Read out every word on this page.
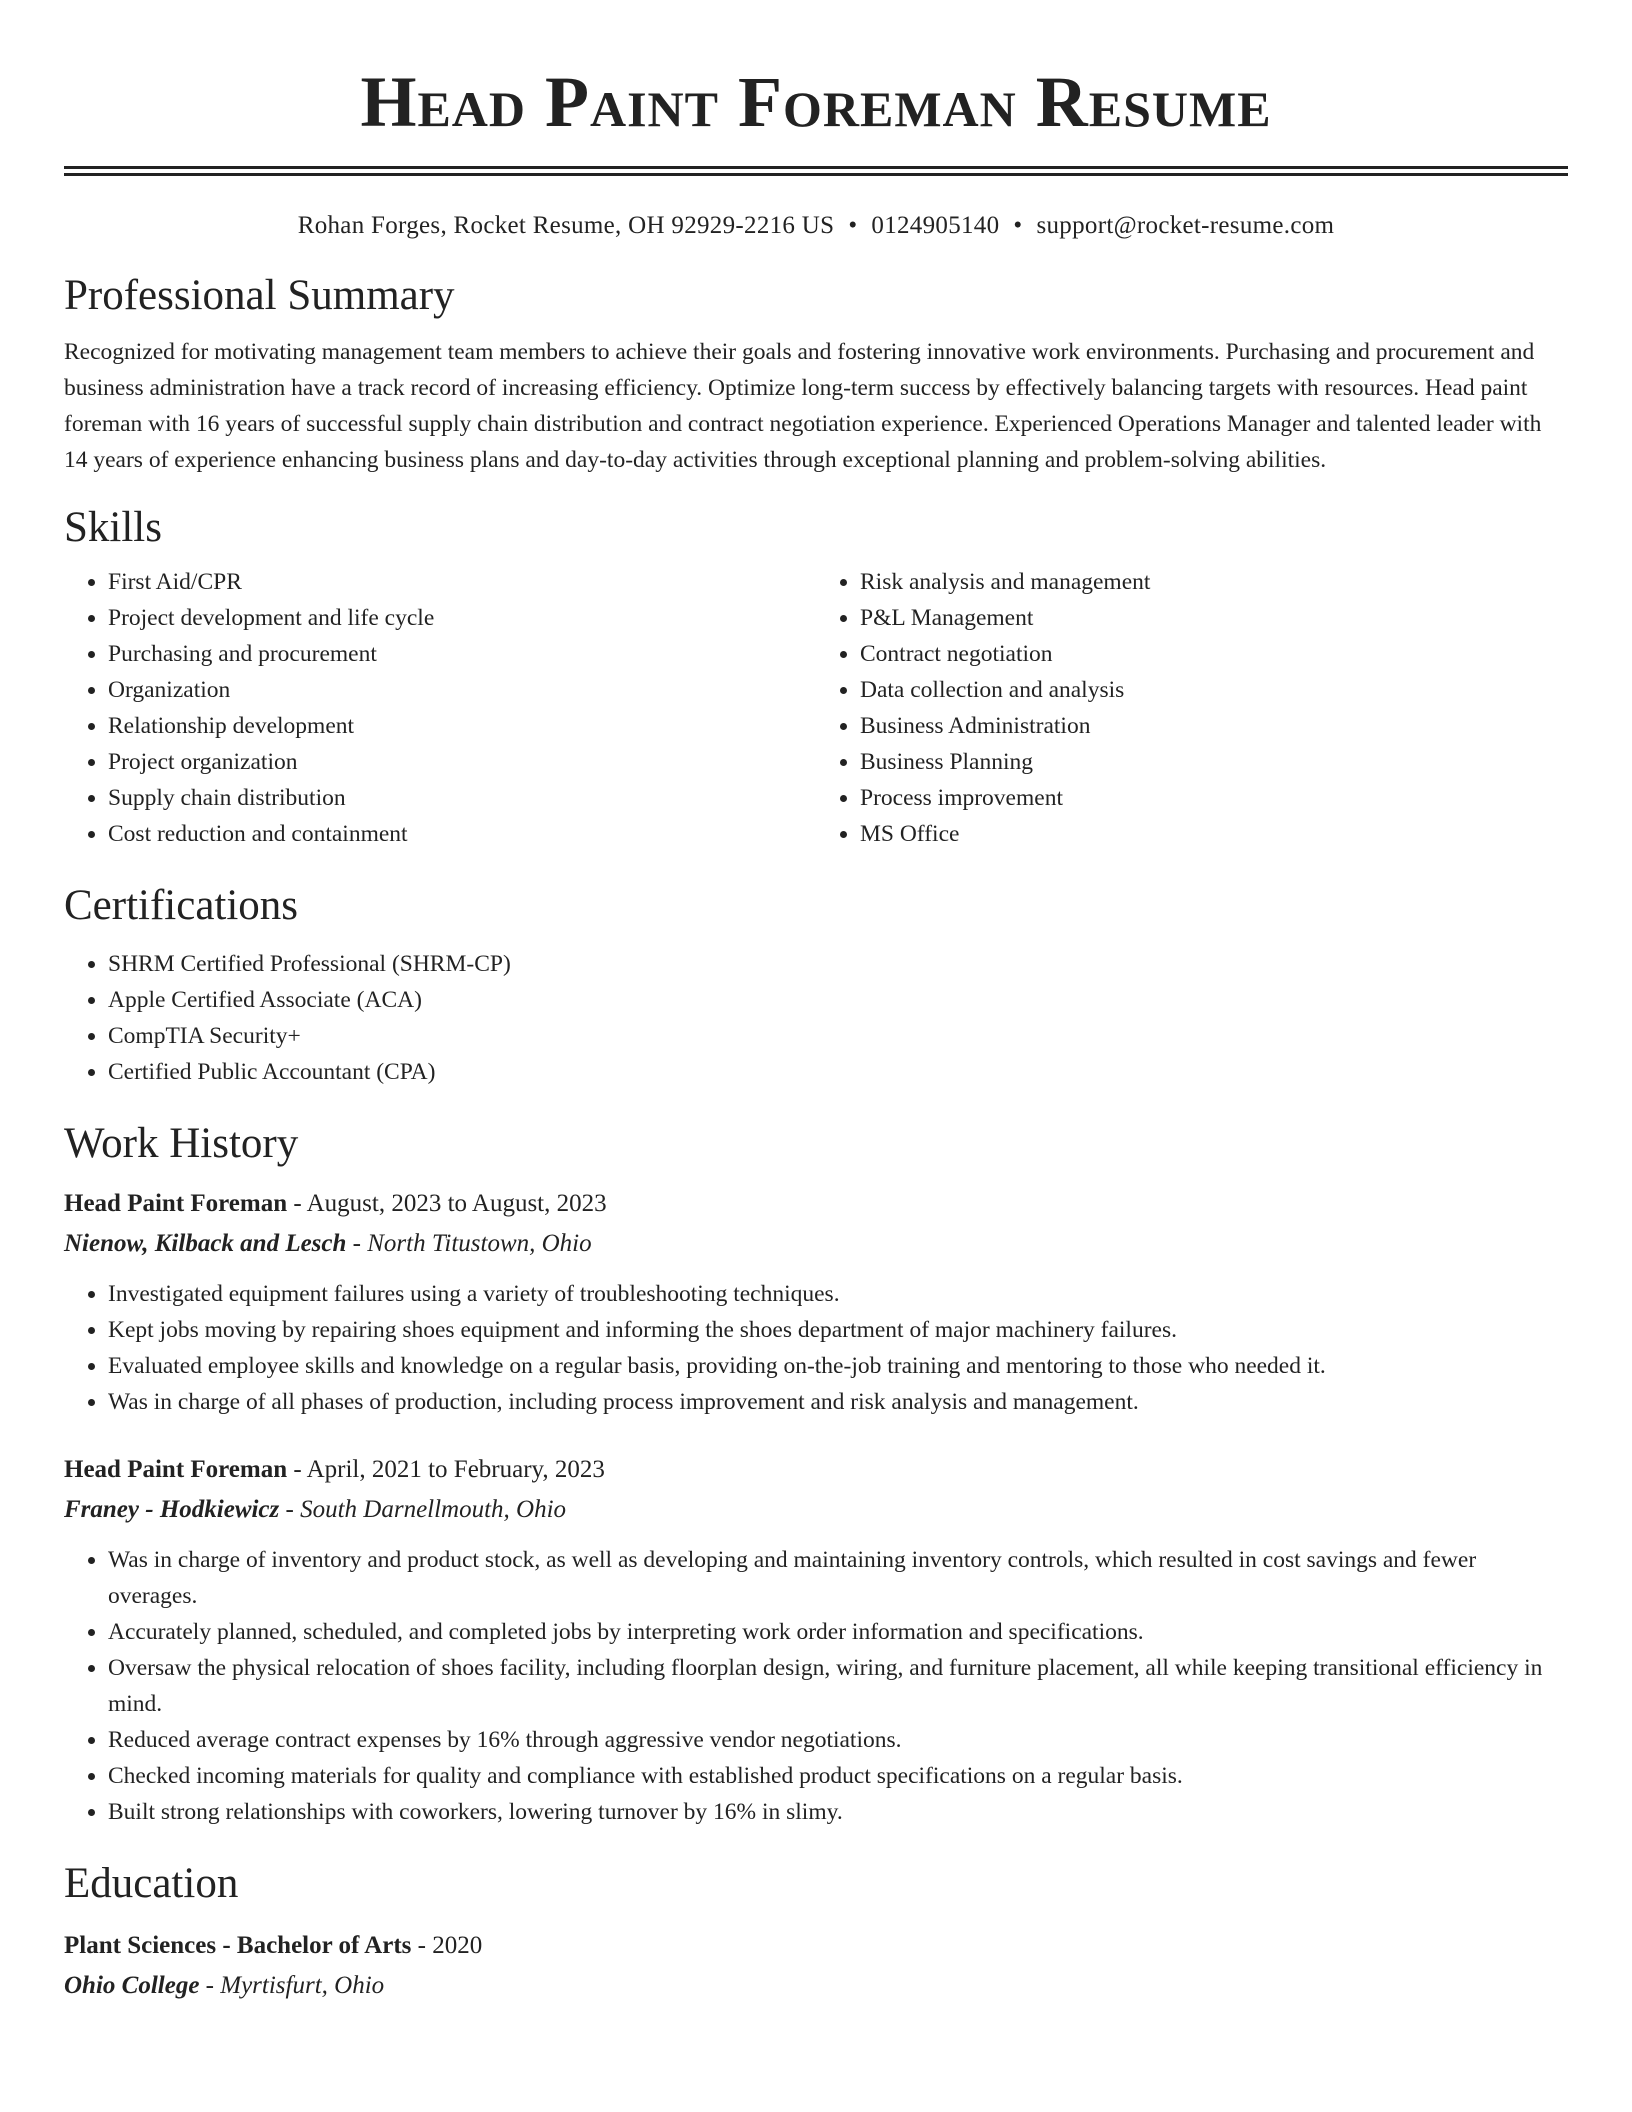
Head Paint Foreman Resume
Rohan Forges, Rocket Resume, OH 92929-2216 US • 0124905140 • support@rocket-resume.com
Professional Summary

Recognized for motivating management team members to achieve their goals and fostering innovative work environments. Purchasing and procurement and business administration have a track record of increasing efficiency. Optimize long-term success by effectively balancing targets with resources. Head paint foreman with 16 years of successful supply chain distribution and contract negotiation experience. Experienced Operations Manager and talented leader with 14 years of experience enhancing business plans and day-to-day activities through exceptional planning and problem-solving abilities.

Skills
• First Aid/CPR
• Project development and life cycle
• Purchasing and procurement
• Organization
• Relationship development
• Project organization
• Supply chain distribution
• Cost reduction and containment
• Risk analysis and management
• P&L Management
• Contract negotiation
• Data collection and analysis
• Business Administration
• Business Planning
• Process improvement
• MS Office
Certifications
• SHRM Certified Professional (SHRM-CP)
• Apple Certified Associate (ACA)
• CompTIA Security+
• Certified Public Accountant (CPA)
Work History
Head Paint Foreman - August, 2023 to August, 2023
Nienow, Kilback and Lesch - North Titustown, Ohio
• Investigated equipment failures using a variety of troubleshooting techniques.
• Kept jobs moving by repairing shoes equipment and informing the shoes department of major machinery failures.
• Evaluated employee skills and knowledge on a regular basis, providing on-the-job training and mentoring to those who needed it.
• Was in charge of all phases of production, including process improvement and risk analysis and management.
Head Paint Foreman - April, 2021 to February, 2023
Franey - Hodkiewicz - South Darnellmouth, Ohio
• Was in charge of inventory and product stock, as well as developing and maintaining inventory controls, which resulted in cost savings and fewer overages.
• Accurately planned, scheduled, and completed jobs by interpreting work order information and specifications.
• Oversaw the physical relocation of shoes facility, including floorplan design, wiring, and furniture placement, all while keeping transitional efficiency in mind.
• Reduced average contract expenses by 16% through aggressive vendor negotiations.
• Checked incoming materials for quality and compliance with established product specifications on a regular basis.
• Built strong relationships with coworkers, lowering turnover by 16% in slimy.
Education
Plant Sciences - Bachelor of Arts - 2020
Ohio College - Myrtisfurt, Ohio
